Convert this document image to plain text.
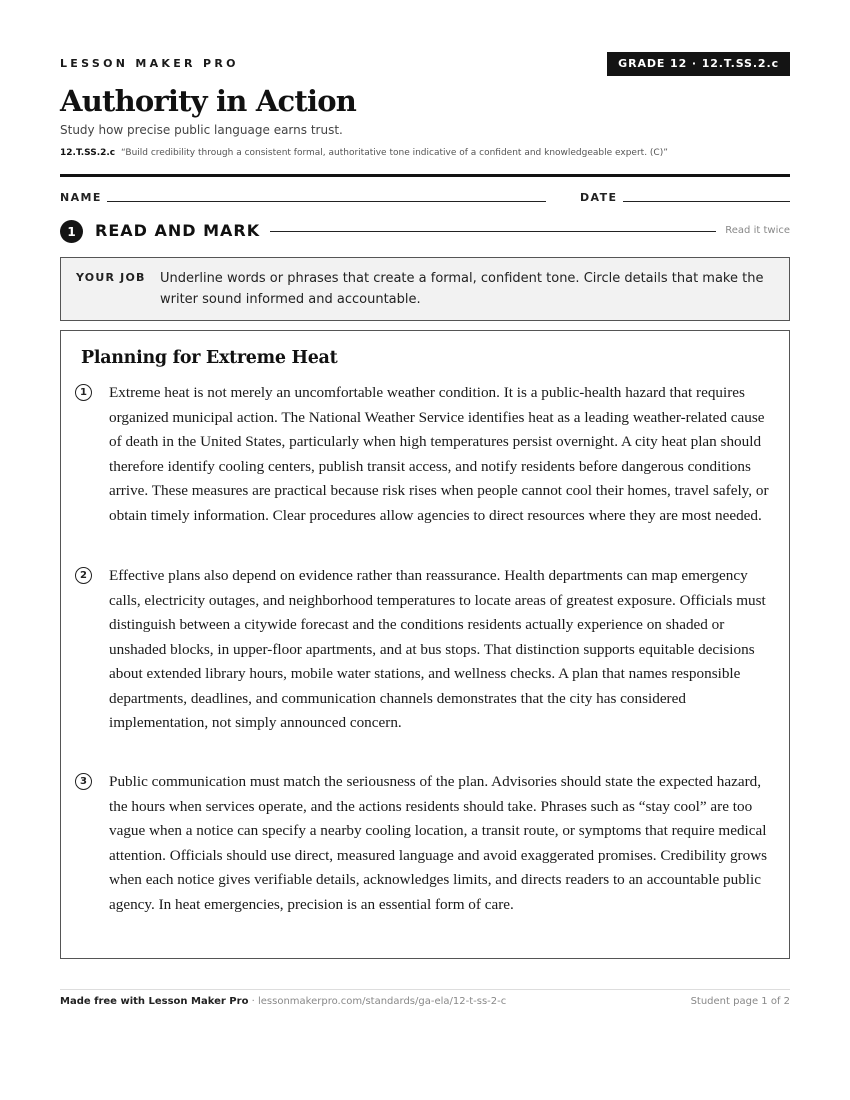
LESSON MAKER PRO	GRADE 12 · 12.T.SS.2.c
Authority in Action
Study how precise public language earns trust.
12.T.SS.2.c “Build credibility through a consistent formal, authoritative tone indicative of a confident and knowledgeable expert. (C)”
NAME	DATE
1	READ AND MARK	Read it twice
YOUR JOB Underline words or phrases that create a formal, confident tone. Circle details that make the writer sound informed and accountable.
Planning for Extreme Heat
1	Extreme heat is not merely an uncomfortable weather condition. It is a public-health hazard that requires organized municipal action. The National Weather Service identifies heat as a leading weather-related cause of death in the United States, particularly when high temperatures persist overnight. A city heat plan should therefore identify cooling centers, publish transit access, and notify residents before dangerous conditions arrive. These measures are practical because risk rises when people cannot cool their homes, travel safely, or obtain timely information. Clear procedures allow agencies to direct resources where they are most needed.

2	Effective plans also depend on evidence rather than reassurance. Health departments can map emergency calls, electricity outages, and neighborhood temperatures to locate areas of greatest exposure. Officials must distinguish between a citywide forecast and the conditions residents actually experience on shaded or unshaded blocks, in upper-floor apartments, and at bus stops. That distinction supports equitable decisions about extended library hours, mobile water stations, and wellness checks. A plan that names responsible departments, deadlines, and communication channels demonstrates that the city has considered implementation, not simply announced concern.

3	Public communication must match the seriousness of the plan. Advisories should state the expected hazard, the hours when services operate, and the actions residents should take. Phrases such as “stay cool” are too vague when a notice can specify a nearby cooling location, a transit route, or symptoms that require medical attention. Officials should use direct, measured language and avoid exaggerated promises. Credibility grows when each notice gives verifiable details, acknowledges limits, and directs readers to an accountable public agency. In heat emergencies, precision is an essential form of care.

Made free with Lesson Maker Pro · lessonmakerpro.com/standards/ga-ela/12-t-ss-2-c	Student page 1 of 2
